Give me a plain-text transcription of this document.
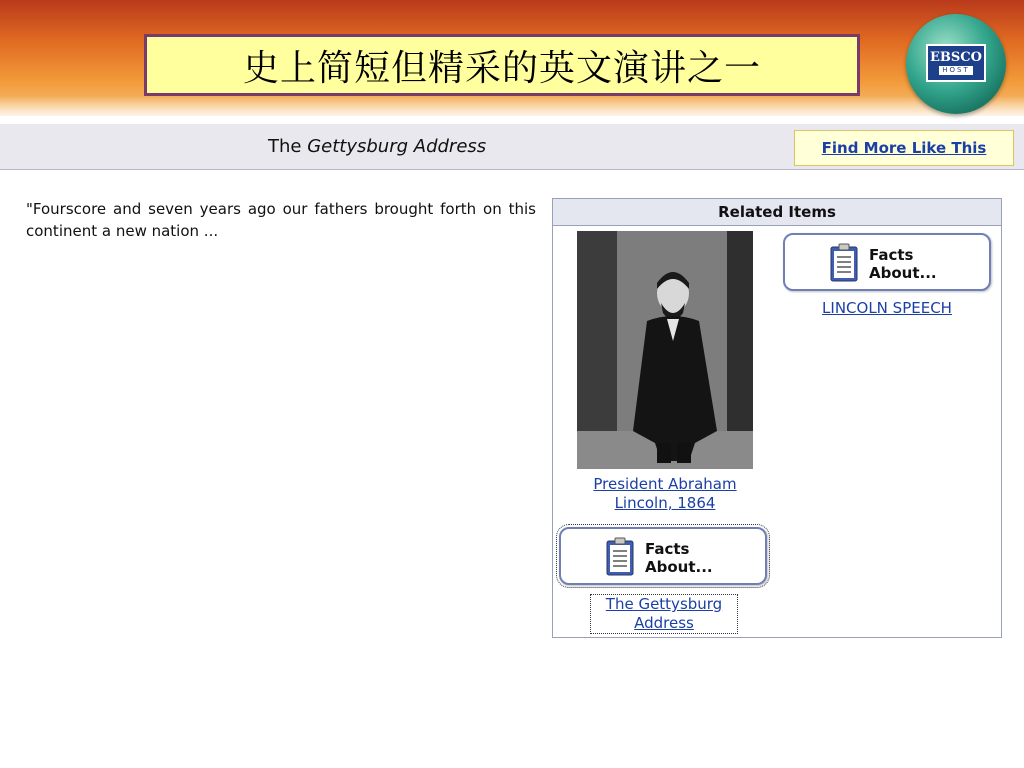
史上简短但精采的英文演讲之一	EBSCO
HOST
The Gettysburg Address	Find More Like This
"Fourscore and seven years ago our fathers brought forth on this continent a new nation ...
Related Items
President Abraham Lincoln, 1864
Facts
About...
LINCOLN SPEECH
Facts
About...
The Gettysburg Address
